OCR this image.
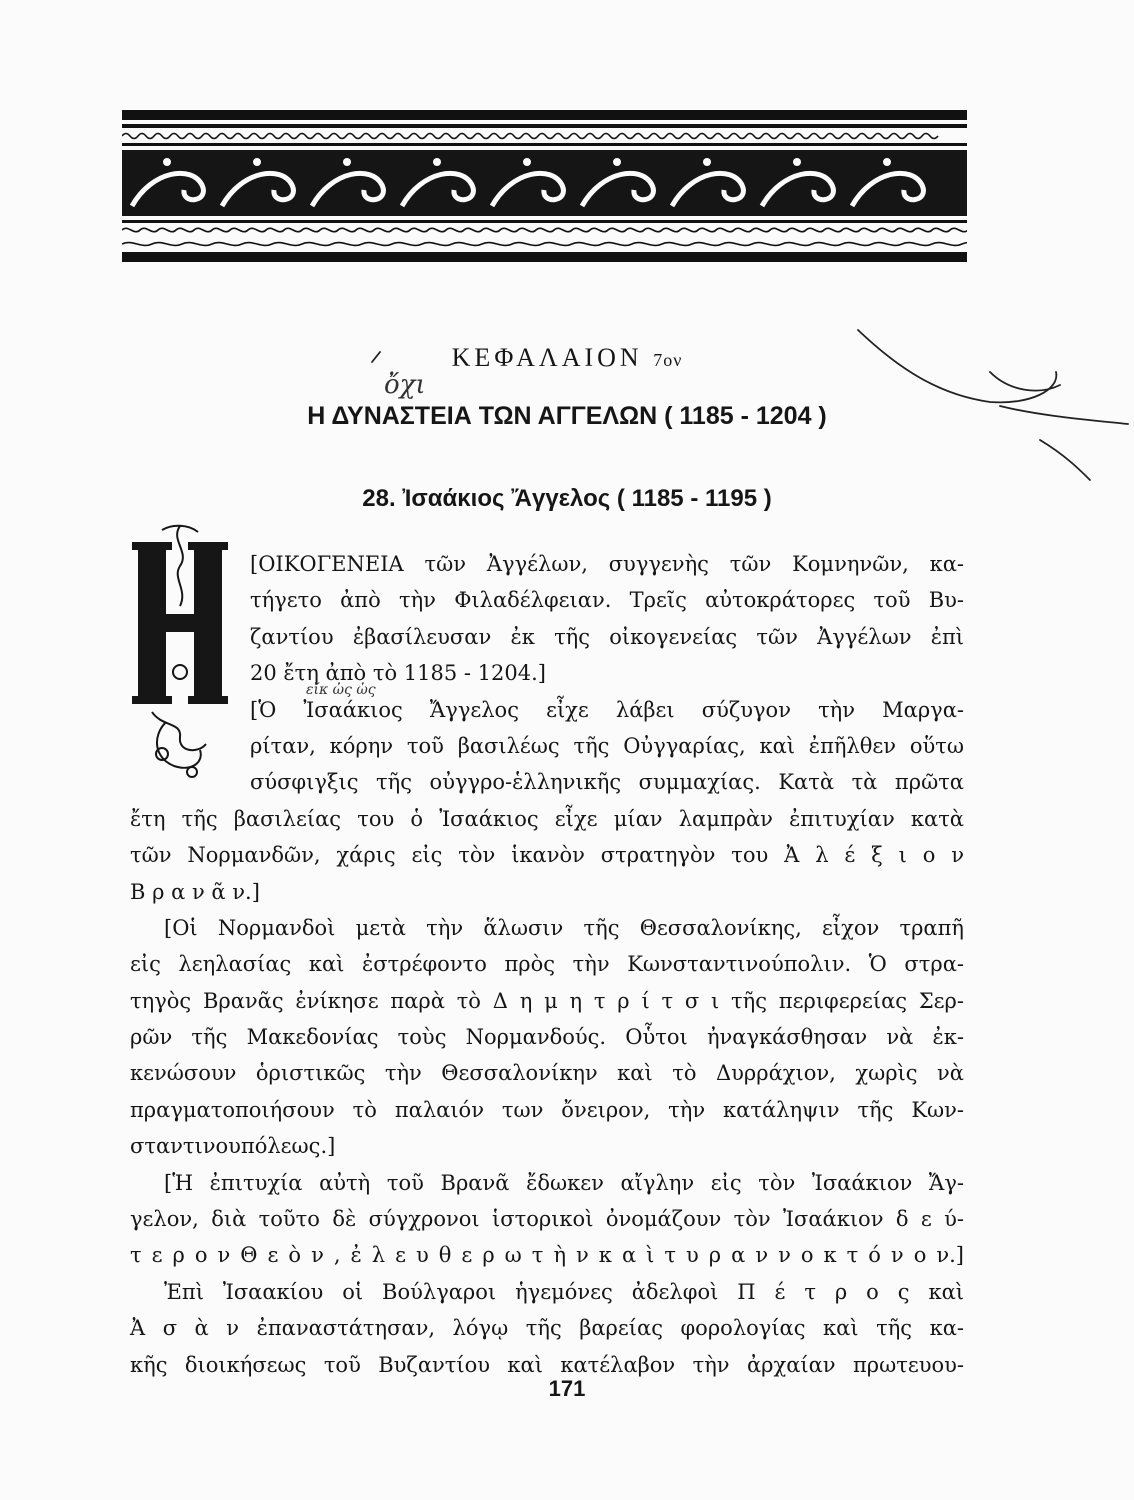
ΚΕΦΑΛΑΙΟΝ 7ον
Η ΔΥΝΑΣΤΕΙΑ ΤΩΝ ΑΓΓΕΛΩΝ ( 1185 - 1204 )
28. Ἰσαάκιος Ἄγγελος ( 1185 - 1195 )
[ΟΙΚΟΓΕΝΕΙΑ τῶν Ἀγγέλων, συγγενὴς τῶν Κομνηνῶν, κα-
τήγετο ἀπὸ τὴν Φιλαδέλφειαν. Τρεῖς αὐτοκράτορες τοῦ Βυ-
ζαντίου ἐβασίλευσαν ἐκ τῆς οἰκογενείας τῶν Ἀγγέλων ἐπὶ
20 ἔτη ἀπὸ τὸ 1185 - 1204.]
[Ὁ Ἰσαάκιος Ἄγγελος εἶχε λάβει σύζυγον τὴν Μαργα-
ρίταν, κόρην τοῦ βασιλέως τῆς Οὐγγαρίας, καὶ ἐπῆλθεν οὕτω
σύσφιγξις τῆς οὐγγρο-ἑλληνικῆς συμμαχίας. Κατὰ τὰ πρῶτα
ἔτη τῆς βασιλείας του ὁ Ἰσαάκιος εἶχε μίαν λαμπρὰν ἐπιτυχίαν κατὰ
τῶν Νορμανδῶν, χάρις εἰς τὸν ἱκανὸν στρατηγὸν του Ἀ λ έ ξ ι ο ν
Β ρ α ν ᾶ ν.]
[Οἱ Νορμανδοὶ μετὰ τὴν ἅλωσιν τῆς Θεσσαλονίκης, εἶχον τραπῆ
εἰς λεηλασίας καὶ ἐστρέφοντο πρὸς τὴν Κωνσταντινούπολιν. Ὁ στρα-
τηγὸς Βρανᾶς ἐνίκησε παρὰ τὸ Δ η μ η τ ρ ί τ σ ι τῆς περιφερείας Σερ-
ρῶν τῆς Μακεδονίας τοὺς Νορμανδούς. Οὗτοι ἠναγκάσθησαν νὰ ἐκ-
κενώσουν ὁριστικῶς τὴν Θεσσαλονίκην καὶ τὸ Δυρράχιον, χωρὶς νὰ
πραγματοποιήσουν τὸ παλαιόν των ὄνειρον, τὴν κατάληψιν τῆς Κων-
σταντινουπόλεως.]
[Ἡ ἐπιτυχία αὐτὴ τοῦ Βρανᾶ ἔδωκεν αἴγλην εἰς τὸν Ἰσαάκιον Ἄγ-
γελον, διὰ τοῦτο δὲ σύγχρονοι ἱστορικοὶ ὀνομάζουν τὸν Ἰσαάκιον δ ε ύ-
τ ε ρ ο ν Θ ε ὸ ν , ἐ λ ε υ θ ε ρ ω τ ὴ ν κ α ὶ τ υ ρ α ν ν ο κ τ ό ν ο ν.]
Ἐπὶ Ἰσαακίου οἱ Βούλγαροι ἡγεμόνες ἀδελφοὶ Π έ τ ρ ο ς καὶ
Ἀ σ ὰ ν ἐπαναστάτησαν, λόγῳ τῆς βαρείας φορολογίας καὶ τῆς κα-
κῆς διοικήσεως τοῦ Βυζαντίου καὶ κατέλαβον τὴν ἀρχαίαν πρωτευου-
171
ὄχι
εἴκ ὡς ὡς
